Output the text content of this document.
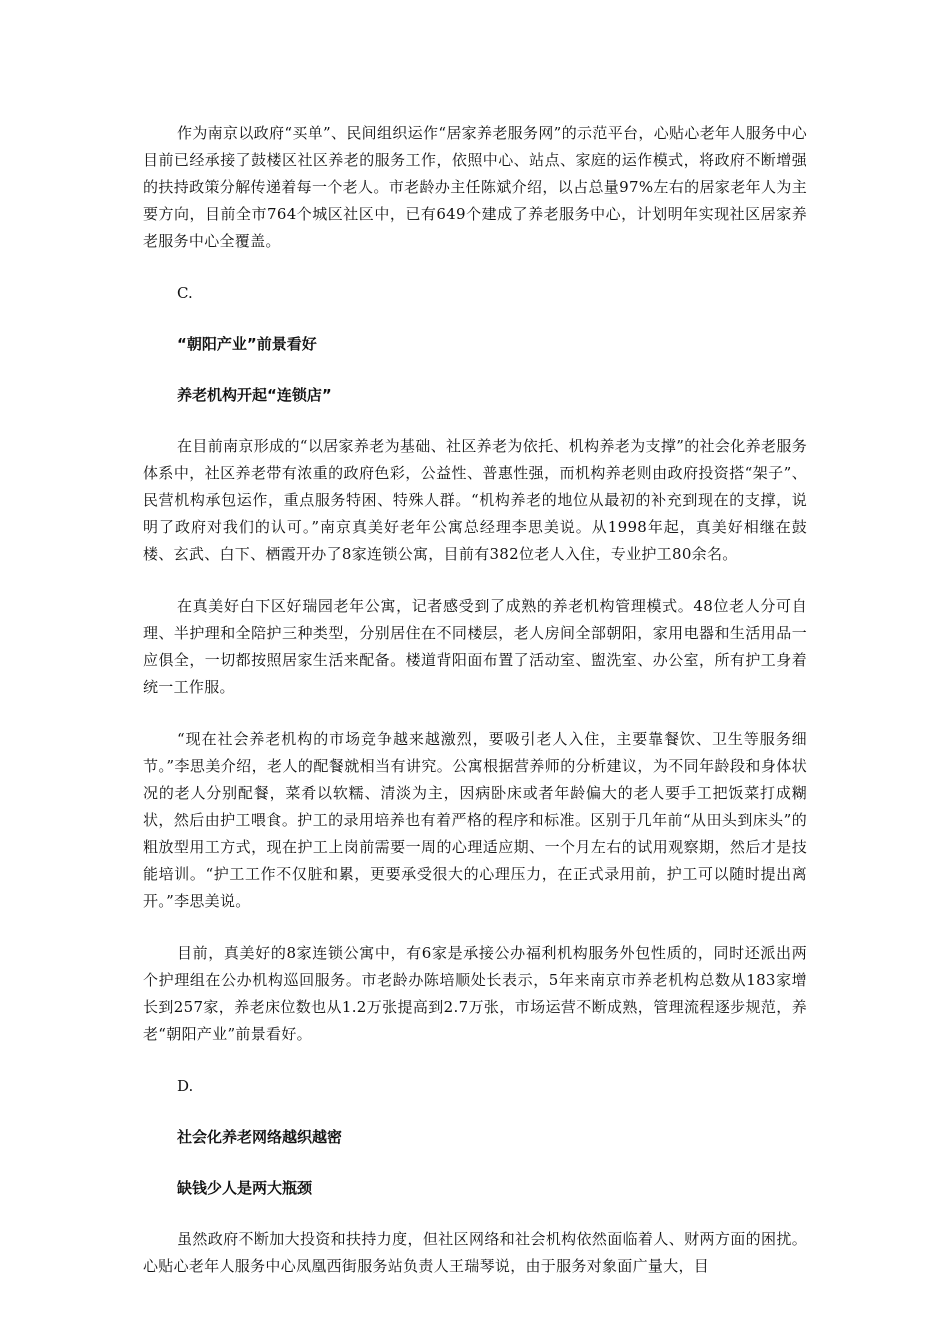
作为南京以政府“买单”、民间组织运作“居家养老服务网”的示范平台，心贴心老年人服务中心目前已经承接了鼓楼区社区养老的服务工作，依照中心、站点、家庭的运作模式，将政府不断增强的扶持政策分解传递着每一个老人。市老龄办主任陈斌介绍，以占总量97%左右的居家老年人为主要方向，目前全市764个城区社区中，已有649个建成了养老服务中心，计划明年实现社区居家养老服务中心全覆盖。

C.
“朝阳产业”前景看好
养老机构开起“连锁店”

在目前南京形成的“以居家养老为基础、社区养老为依托、机构养老为支撑”的社会化养老服务体系中，社区养老带有浓重的政府色彩，公益性、普惠性强，而机构养老则由政府投资搭“架子”、民营机构承包运作，重点服务特困、特殊人群。“机构养老的地位从最初的补充到现在的支撑，说明了政府对我们的认可。”南京真美好老年公寓总经理李思美说。从1998年起，真美好相继在鼓楼、玄武、白下、栖霞开办了8家连锁公寓，目前有382位老人入住，专业护工80余名。

在真美好白下区好瑞园老年公寓，记者感受到了成熟的养老机构管理模式。48位老人分可自理、半护理和全陪护三种类型，分别居住在不同楼层，老人房间全部朝阳，家用电器和生活用品一应俱全，一切都按照居家生活来配备。楼道背阳面布置了活动室、盥洗室、办公室，所有护工身着统一工作服。

“现在社会养老机构的市场竞争越来越激烈，要吸引老人入住，主要靠餐饮、卫生等服务细节。”李思美介绍，老人的配餐就相当有讲究。公寓根据营养师的分析建议，为不同年龄段和身体状况的老人分别配餐，菜肴以软糯、清淡为主，因病卧床或者年龄偏大的老人要手工把饭菜打成糊状，然后由护工喂食。护工的录用培养也有着严格的程序和标准。区别于几年前“从田头到床头”的粗放型用工方式，现在护工上岗前需要一周的心理适应期、一个月左右的试用观察期，然后才是技能培训。“护工工作不仅脏和累，更要承受很大的心理压力，在正式录用前，护工可以随时提出离开。”李思美说。

目前，真美好的8家连锁公寓中，有6家是承接公办福利机构服务外包性质的，同时还派出两个护理组在公办机构巡回服务。市老龄办陈培顺处长表示，5年来南京市养老机构总数从183家增长到257家，养老床位数也从1.2万张提高到2.7万张，市场运营不断成熟，管理流程逐步规范，养老“朝阳产业”前景看好。

D.
社会化养老网络越织越密
缺钱少人是两大瓶颈

虽然政府不断加大投资和扶持力度，但社区网络和社会机构依然面临着人、财两方面的困扰。心贴心老年人服务中心凤凰西街服务站负责人王瑞琴说，由于服务对象面广量大，目
